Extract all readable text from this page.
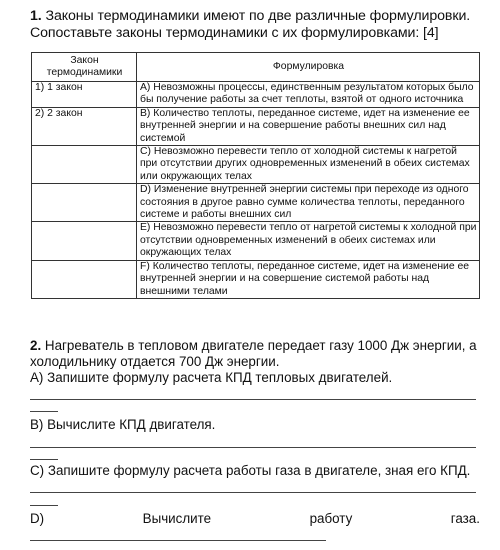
1. Законы термодинамики имеют по две различные формулировки. Сопоставьте законы термодинамики с их формулировками: [4]
Закон термодинамики	Формулировка
1) 1 закон	А) Невозможны процессы, единственным результатом которых было бы получение работы за счет теплоты, взятой от одного источника
2) 2 закон	В) Количество теплоты, переданное системе, идет на изменение ее внутренней энергии и на совершение работы внешних сил над системой
	С) Невозможно перевести тепло от холодной системы к нагретой при отсутствии других одновременных изменений в обеих системах или окружающих телах
	D) Изменение внутренней энергии системы при переходе из одного состояния в другое равно сумме количества теплоты, переданного системе и работы внешних сил
	Е) Невозможно перевести тепло от нагретой системы к холодной при отсутствии одновременных изменений в обеих системах или окружающих телах
	F) Количество теплоты, переданное системе, идет на изменение ее внутренней энергии и на совершение системой работы над внешними телами

2. Нагреватель в тепловом двигателе передает газу 1000 Дж энергии, а холодильнику отдается 700 Дж энергии.

А) Запишите формулу расчета КПД тепловых двигателей.

В) Вычислите КПД двигателя.

С) Запишите формулу расчета работы газа в двигателе, зная его КПД.

D)	Вычислите	работу	газа.
